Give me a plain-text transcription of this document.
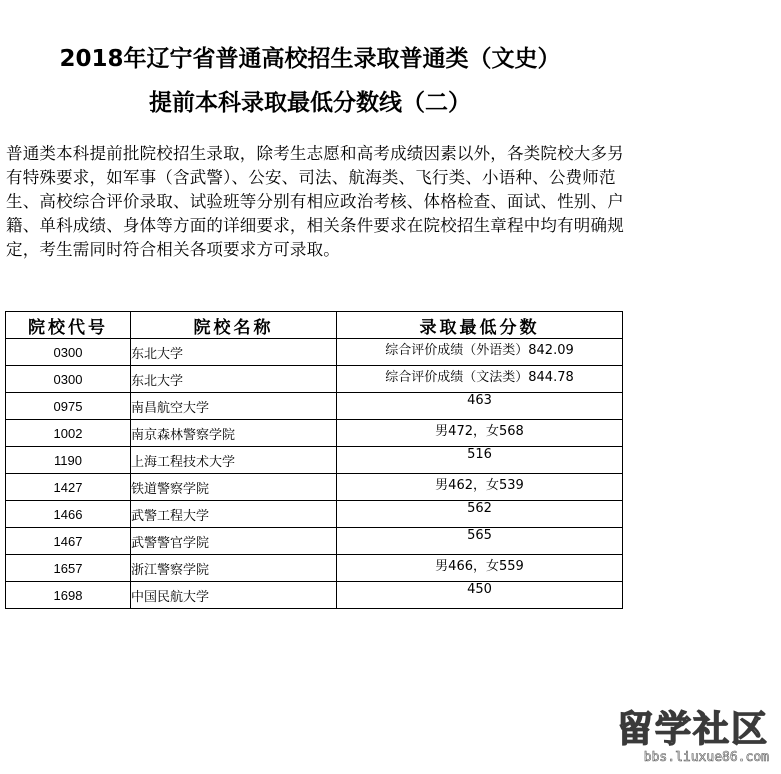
2018年辽宁省普通高校招生录取普通类（文史）
提前本科录取最低分数线（二）
普通类本科提前批院校招生录取，除考生志愿和高考成绩因素以外，各类院校大多另有特殊要求，如军事（含武警）、公安、司法、航海类、飞行类、小语种、公费师范生、高校综合评价录取、试验班等分别有相应政治考核、体格检查、面试、性别、户籍、单科成绩、身体等方面的详细要求，相关条件要求在院校招生章程中均有明确规定，考生需同时符合相关各项要求方可录取。
院校代号	院校名称	录取最低分数
0300	东北大学	综合评价成绩（外语类）842.09
0300	东北大学	综合评价成绩（文法类）844.78
0975	南昌航空大学	463
1002	南京森林警察学院	男472，女568
1190	上海工程技术大学	516
1427	铁道警察学院	男462，女539
1466	武警工程大学	562
1467	武警警官学院	565
1657	浙江警察学院	男466，女559
1698	中国民航大学	450
留学社区
bbs.liuxue86.com
